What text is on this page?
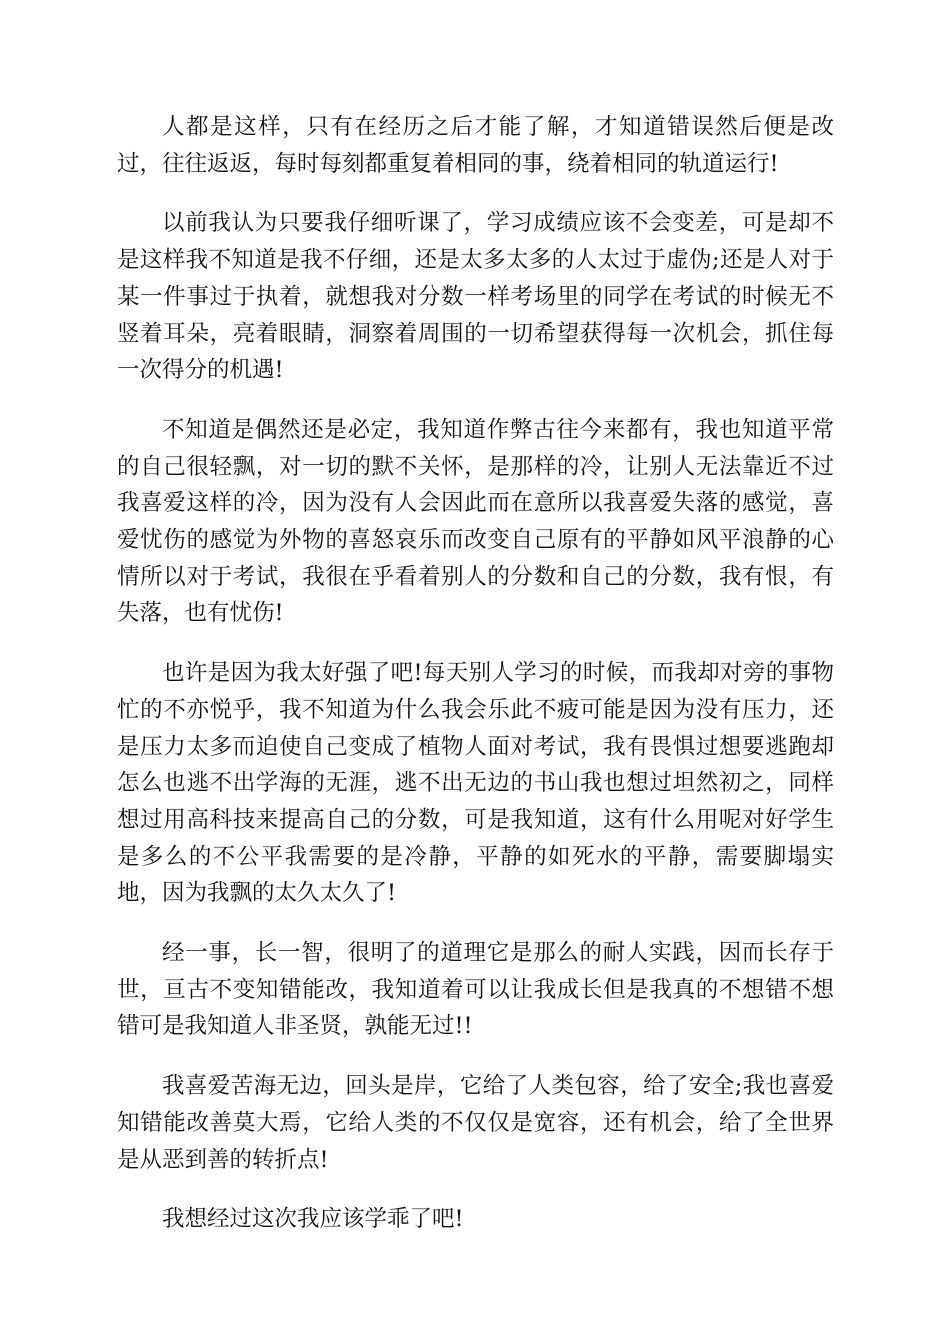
人都是这样，只有在经历之后才能了解，才知道错误然后便是改过，往往返返，每时每刻都重复着相同的事，绕着相同的轨道运行!

以前我认为只要我仔细听课了，学习成绩应该不会变差，可是却不是这样我不知道是我不仔细，还是太多太多的人太过于虚伪;还是人对于某一件事过于执着，就想我对分数一样考场里的同学在考试的时候无不竖着耳朵，亮着眼睛，洞察着周围的一切希望获得每一次机会，抓住每一次得分的机遇!

不知道是偶然还是必定，我知道作弊古往今来都有，我也知道平常的自己很轻飘，对一切的默不关怀，是那样的冷，让别人无法靠近不过我喜爱这样的冷，因为没有人会因此而在意所以我喜爱失落的感觉，喜爱忧伤的感觉为外物的喜怒哀乐而改变自己原有的平静如风平浪静的心情所以对于考试，我很在乎看着别人的分数和自己的分数，我有恨，有失落，也有忧伤!

也许是因为我太好强了吧!每天别人学习的时候，而我却对旁的事物忙的不亦悦乎，我不知道为什么我会乐此不疲可能是因为没有压力，还是压力太多而迫使自己变成了植物人面对考试，我有畏惧过想要逃跑却怎么也逃不出学海的无涯，逃不出无边的书山我也想过坦然初之，同样想过用高科技来提高自己的分数，可是我知道，这有什么用呢对好学生是多么的不公平我需要的是冷静，平静的如死水的平静，需要脚塌实地，因为我飘的太久太久了!

经一事，长一智，很明了的道理它是那么的耐人实践，因而长存于世，亘古不变知错能改，我知道着可以让我成长但是我真的不想错不想错可是我知道人非圣贤，孰能无过!!

我喜爱苦海无边，回头是岸，它给了人类包容，给了安全;我也喜爱知错能改善莫大焉，它给人类的不仅仅是宽容，还有机会，给了全世界是从恶到善的转折点!

我想经过这次我应该学乖了吧!
